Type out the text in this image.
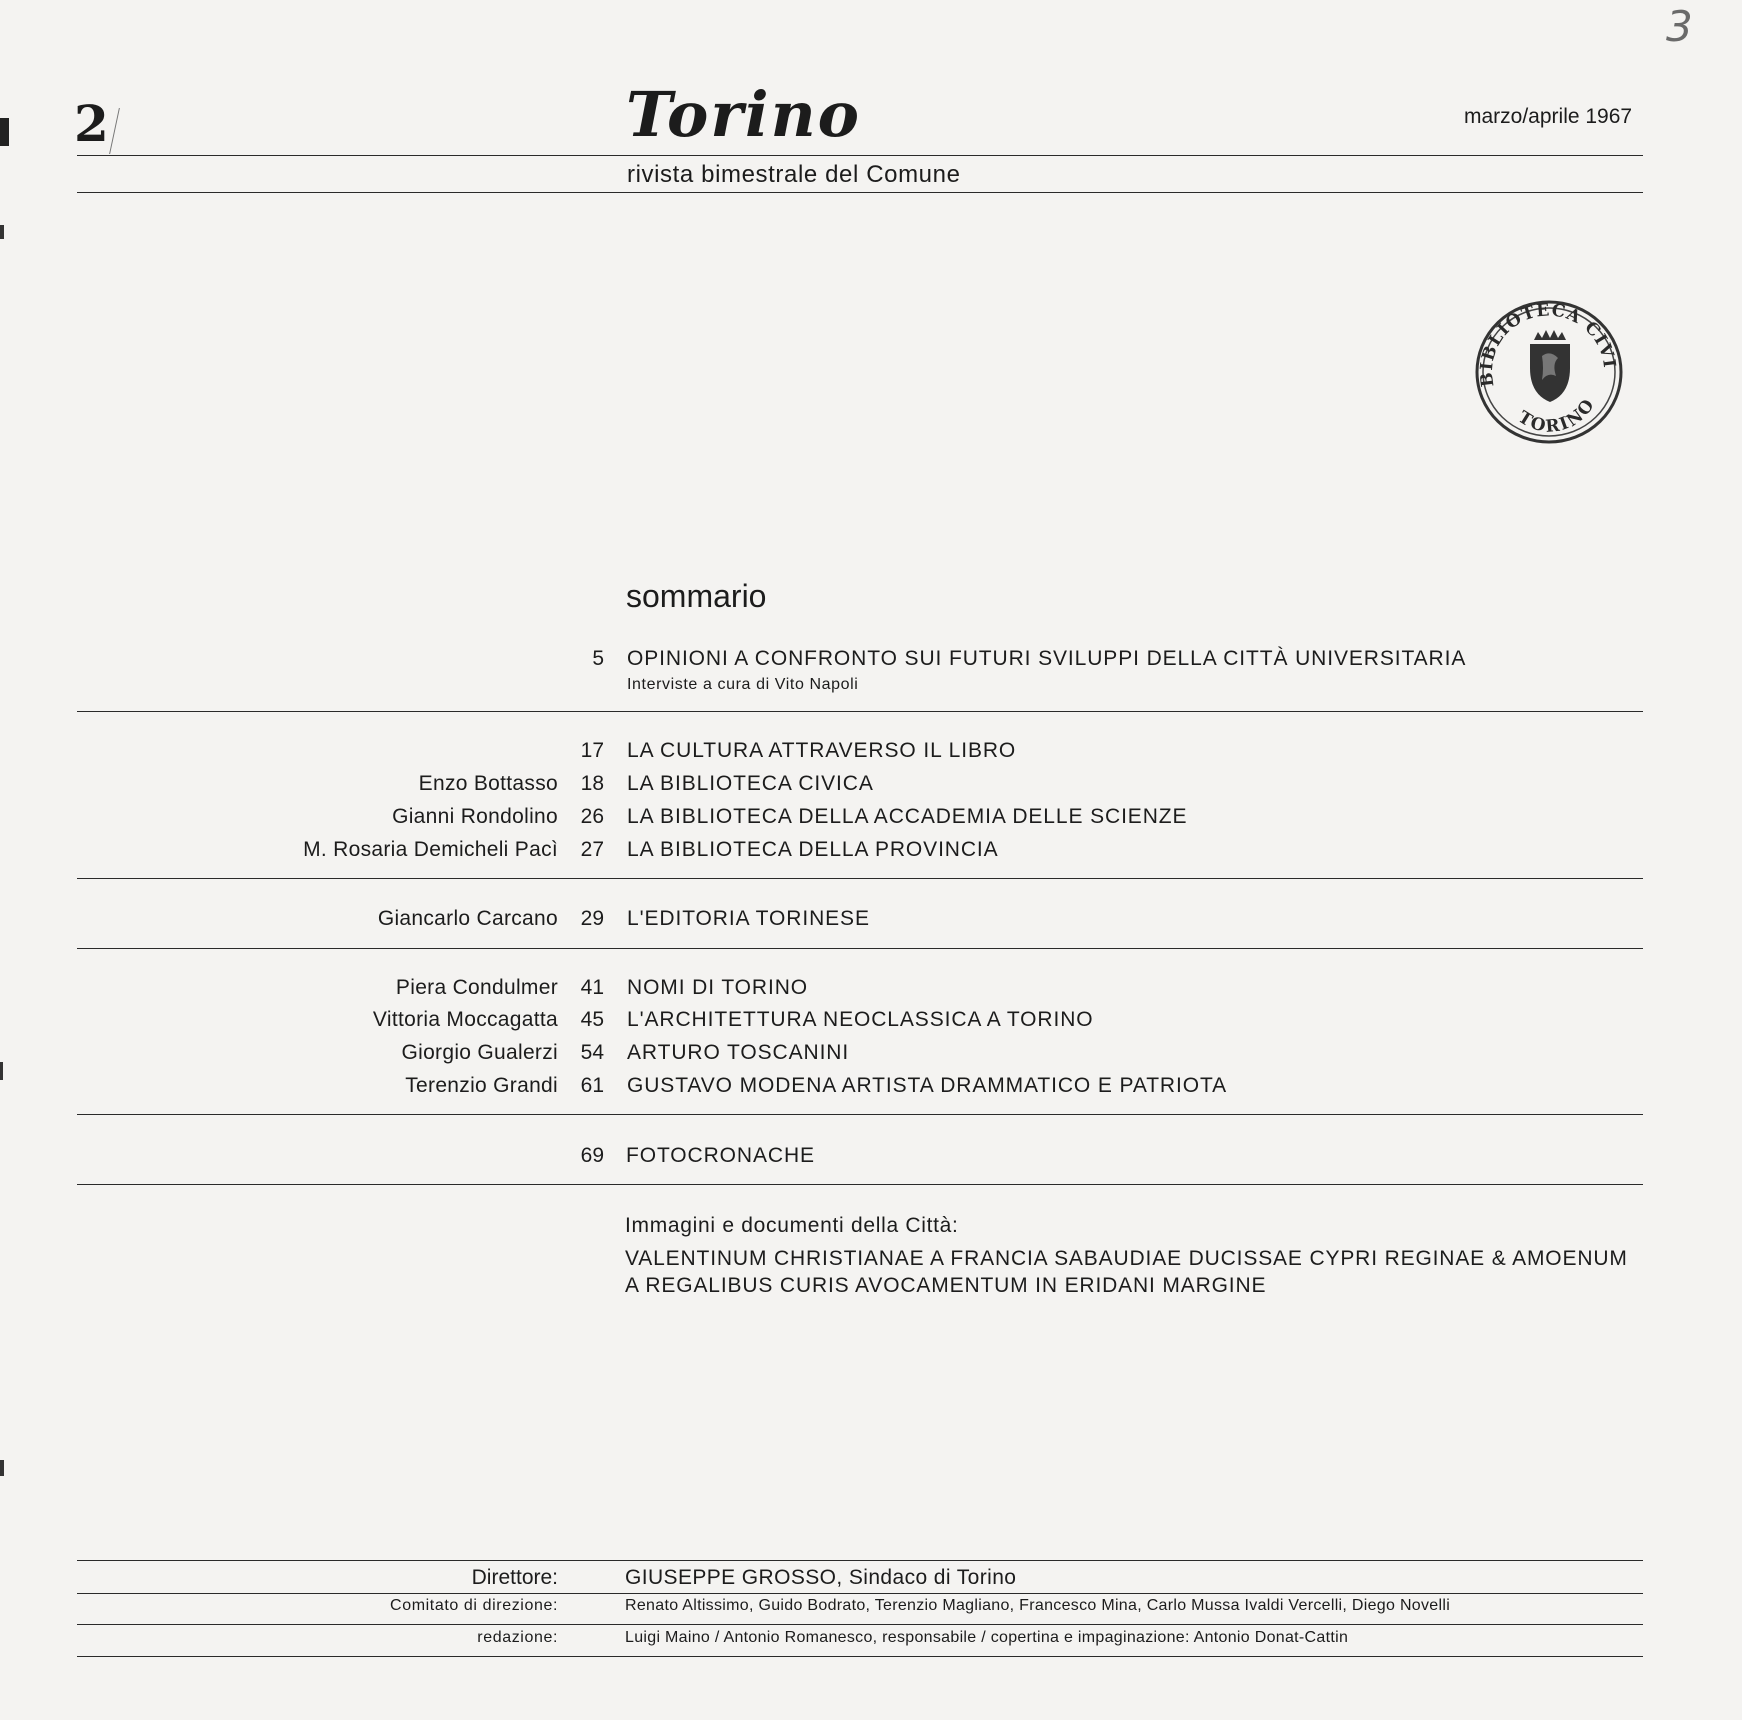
3
2	Torino	marzo/aprile 1967
rivista bimestrale del Comune
BIBLIOTECA CIVI
TORINO
sommario
5 OPINIONI A CONFRONTO SUI FUTURI SVILUPPI DELLA CITTÀ UNIVERSITARIA
Interviste a cura di Vito Napoli
17 LA CULTURA ATTRAVERSO IL LIBRO
Enzo Bottasso	18 LA BIBLIOTECA CIVICA
Gianni Rondolino	26 LA BIBLIOTECA DELLA ACCADEMIA DELLE SCIENZE
M. Rosaria Demicheli Pacì	27 LA BIBLIOTECA DELLA PROVINCIA
Giancarlo Carcano	29 L'EDITORIA TORINESE
Piera Condulmer	41 NOMI DI TORINO
Vittoria Moccagatta	45 L'ARCHITETTURA NEOCLASSICA A TORINO
Giorgio Gualerzi	54 ARTURO TOSCANINI
Terenzio Grandi	61 GUSTAVO MODENA ARTISTA DRAMMATICO E PATRIOTA
69 FOTOCRONACHE
Immagini e documenti della Città:
VALENTINUM CHRISTIANAE A FRANCIA SABAUDIAE DUCISSAE CYPRI REGINAE & AMOENUM
A REGALIBUS CURIS AVOCAMENTUM IN ERIDANI MARGINE
Direttore:	GIUSEPPE GROSSO, Sindaco di Torino
Comitato di direzione:	Renato Altissimo, Guido Bodrato, Terenzio Magliano, Francesco Mina, Carlo Mussa Ivaldi Vercelli, Diego Novelli
redazione:	Luigi Maino / Antonio Romanesco, responsabile / copertina e impaginazione: Antonio Donat-Cattin
